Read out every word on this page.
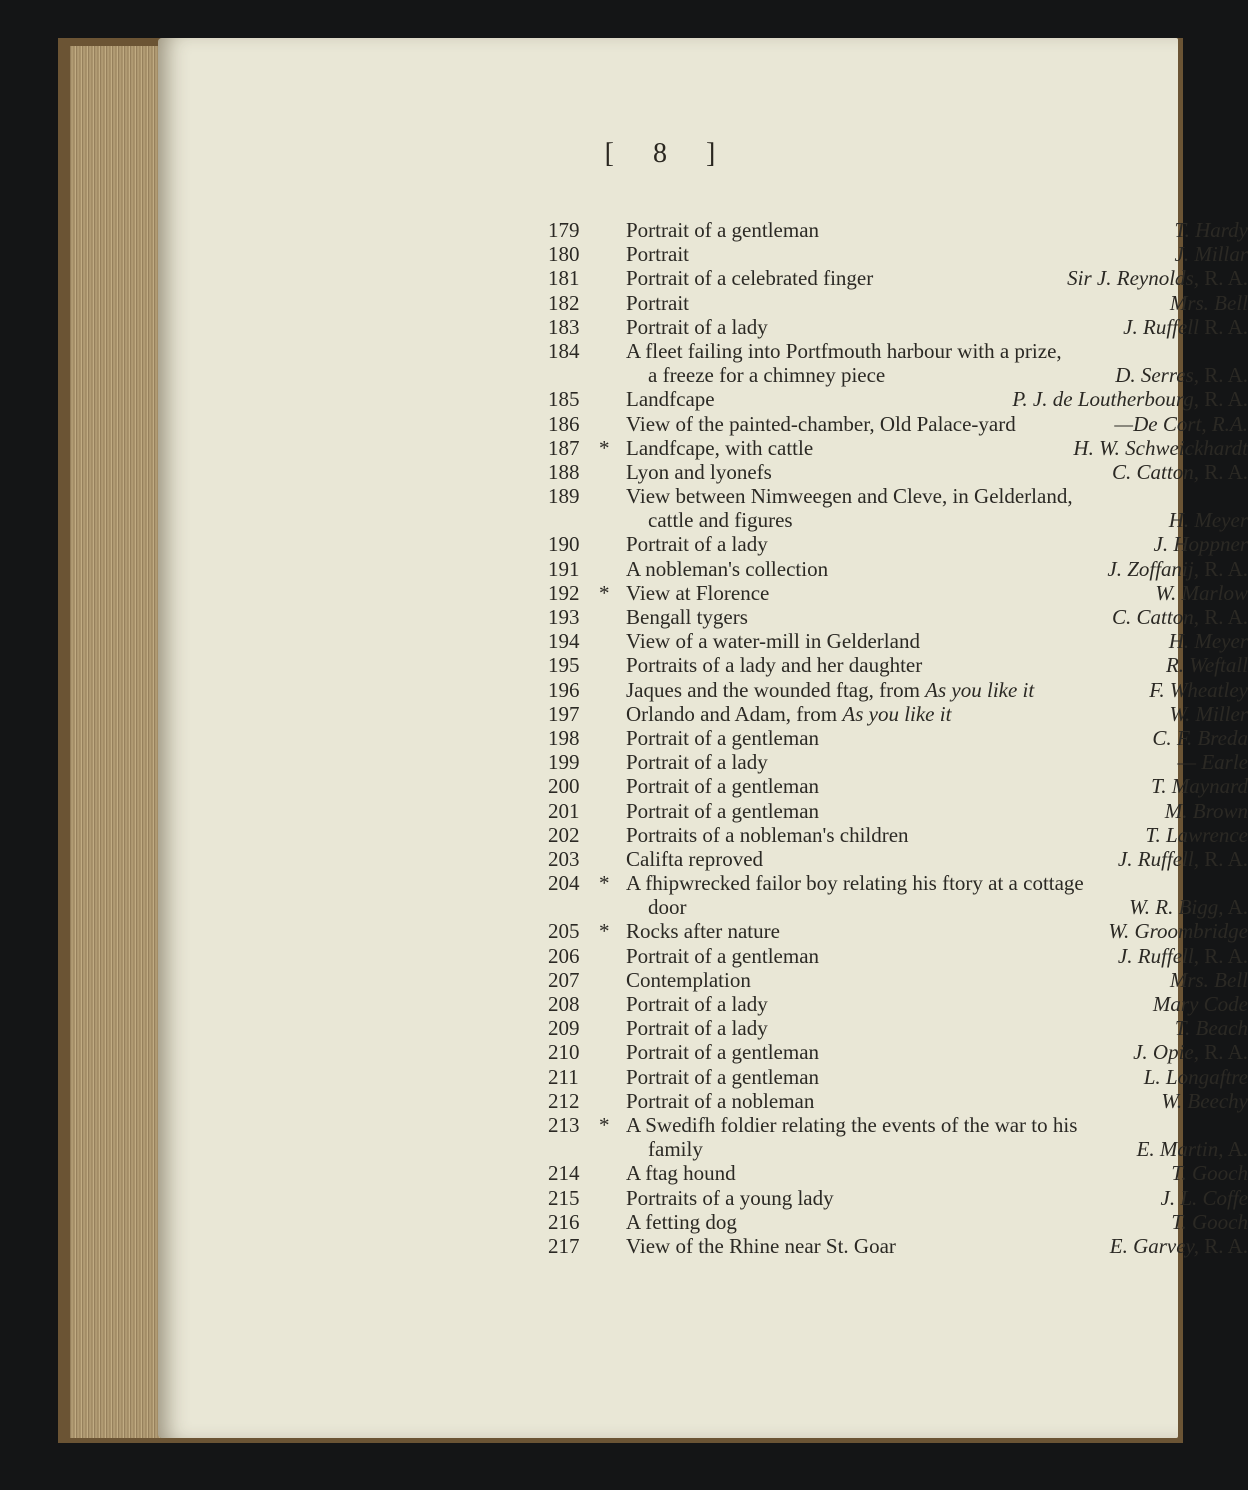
[ 8 ]
179	Portrait of a gentleman	T. Hardy
180	Portrait	J. Millar
181	Portrait of a celebrated finger	Sir J. Reynolds, R. A.
182	Portrait	Mrs. Bell
183	Portrait of a lady	J. Ruffell R. A.
184	A fleet failing into Portfmouth harbour with a prize,
a freeze for a chimney piece	D. Serres, R. A.
185	Landfcape	P. J. de Loutherbourg, R. A.
186	View of the painted-chamber, Old Palace-yard	—De Cort, R.A.
187 * Landfcape, with cattle	H. W. Schweickhardt
188	Lyon and lyonefs	C. Catton, R. A.
189	View between Nimweegen and Cleve, in Gelderland,
cattle and figures	H. Meyer
190	Portrait of a lady	J. Hoppner
191	A nobleman's collection	J. Zoffanij, R. A.
192 * View at Florence	W. Marlow
193	Bengall tygers	C. Catton, R. A.
194	View of a water-mill in Gelderland	H. Meyer
195	Portraits of a lady and her daughter	R. Weftall
196	Jaques and the wounded ftag, from As you like it	F. Wheatley
197	Orlando and Adam, from As you like it	W. Miller
198	Portrait of a gentleman	C. F. Breda
199	Portrait of a lady	— Earle
200	Portrait of a gentleman	T. Maynard
201	Portrait of a gentleman	M. Brown
202	Portraits of a nobleman's children	T. Lawrence
203	Califta reproved	J. Ruffell, R. A.
204 * A fhipwrecked failor boy relating his ftory at a cottage
door	W. R. Bigg, A.
205 * Rocks after nature	W. Groombridge
206	Portrait of a gentleman	J. Ruffell, R. A.
207	Contemplation	Mrs. Bell
208	Portrait of a lady	Mary Code
209	Portrait of a lady	T. Beach
210	Portrait of a gentleman	J. Opie, R. A.
211	Portrait of a gentleman	L. Longaftre
212	Portrait of a nobleman	W. Beechy
213 * A Swedifh foldier relating the events of the war to his
family	E. Martin, A.
214	A ftag hound	T. Gooch
215	Portraits of a young lady	J. L. Coffe
216	A fetting dog	T. Gooch
217	View of the Rhine near St. Goar	E. Garvey, R. A.
